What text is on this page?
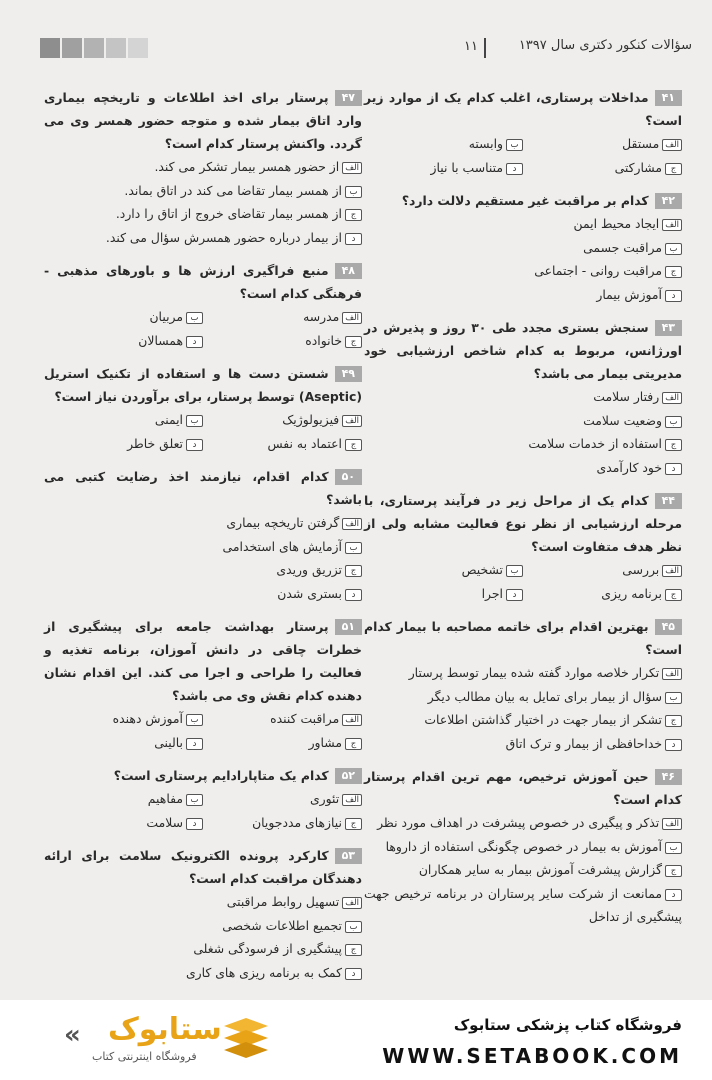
۱۱	سؤالات کنکور دکتری سال ۱۳۹۷
۴۱مداخلات پرستاری، اغلب کدام یک از موارد زیر است؟
الفمستقل
بوابسته
جمشارکتی
دمتناسب با نیاز
۴۲کدام بر مراقبت غیر مستقیم دلالت دارد؟
الفایجاد محیط ایمن
بمراقبت جسمی
جمراقبت روانی - اجتماعی
دآموزش بیمار
۴۳سنجش بستری مجدد طی ۳۰ روز و پذیرش در اورژانس، مربوط به کدام شاخص ارزشیابی خود مدیریتی بیمار می باشد؟
الفرفتار سلامت
بوضعیت سلامت
جاستفاده از خدمات سلامت
دخود کارآمدی
۴۴کدام یک از مراحل زیر در فرآیند پرستاری، با مرحله ارزشیابی از نظر نوع فعالیت مشابه ولی از نظر هدف متفاوت است؟
الفبررسی
بتشخیص
جبرنامه ریزی
داجرا
۴۵بهترین اقدام برای خاتمه مصاحبه با بیمار کدام است؟
الفتکرار خلاصه موارد گفته شده بیمار توسط پرستار
بسؤال از بیمار برای تمایل به بیان مطالب دیگر
جتشکر از بیمار جهت در اختیار گذاشتن اطلاعات
دخداحافظی از بیمار و ترک اتاق
۴۶حین آموزش ترخیص، مهم ترین اقدام پرستار کدام است؟
الفتذکر و پیگیری در خصوص پیشرفت در اهداف مورد نظر
بآموزش به بیمار در خصوص چگونگی استفاده از داروها
جگزارش پیشرفت آموزش بیمار به سایر همکاران
دممانعت از شرکت سایر پرستاران در برنامه ترخیص جهت پیشگیری از تداخل
۴۷پرستار برای اخذ اطلاعات و تاریخچه بیماری وارد اتاق بیمار شده و متوجه حضور همسر وی می گردد. واکنش پرستار کدام است؟
الفاز حضور همسر بیمار تشکر می کند.
باز همسر بیمار تقاضا می کند در اتاق بماند.
جاز همسر بیمار تقاضای خروج از اتاق را دارد.
داز بیمار درباره حضور همسرش سؤال می کند.
۴۸منبع فراگیری ارزش ها و باورهای مذهبی - فرهنگی کدام است؟
الفمدرسه
بمربیان
جخانواده
دهمسالان
۴۹شستن دست ها و استفاده از تکنیک استریل (Aseptic) توسط پرستار، برای برآوردن نیاز است؟
الففیزیولوژیک
بایمنی
جاعتماد به نفس
دتعلق خاطر
۵۰کدام اقدام، نیازمند اخذ رضایت کتبی می باشد؟
الفگرفتن تاریخچه بیماری
بآزمایش های استخدامی
جتزریق وریدی
دبستری شدن
۵۱پرستار بهداشت جامعه برای پیشگیری از خطرات چاقی در دانش آموزان، برنامه تغذیه و فعالیت را طراحی و اجرا می کند. این اقدام نشان دهنده کدام نقش وی می باشد؟
الفمراقبت کننده
بآموزش دهنده
جمشاور
دبالینی
۵۲کدام یک متاپارادایم پرستاری است؟
الفتئوری
بمفاهیم
جنیازهای مددجویان
دسلامت
۵۳کارکرد پرونده الکترونیک سلامت برای ارائه دهندگان مراقبت کدام است؟
الفتسهیل روابط مراقبتی
بتجمیع اطلاعات شخصی
جپیشگیری از فرسودگی شغلی
دکمک به برنامه ریزی های کاری
« ستابوک
فروشگاه اینترنتی کتاب
فروشگاه کتاب پزشکی ستابوک
WWW.SETABOOK.COM
